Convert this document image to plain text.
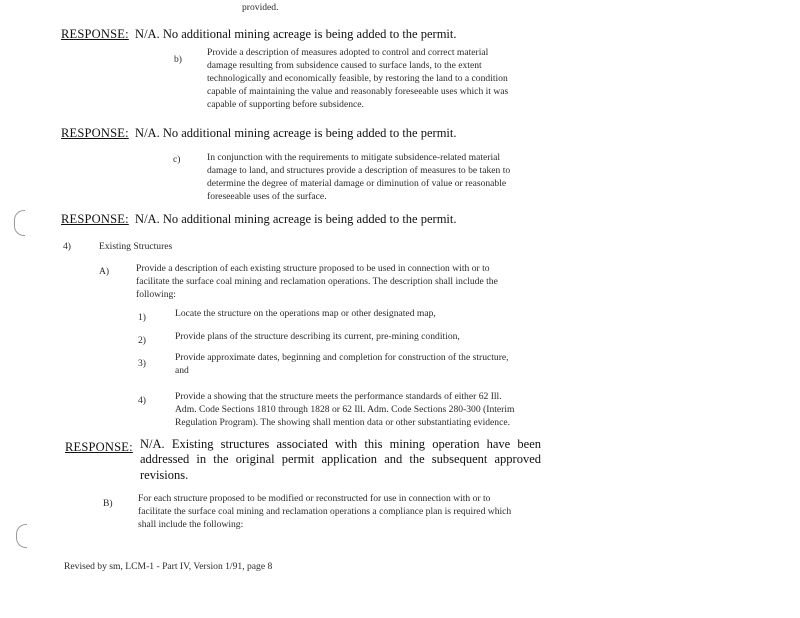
provided.
RESPONSE: N/A. No additional mining acreage is being added to the permit.
b)

Provide a description of measures adopted to control and correct material

damage resulting from subsidence caused to surface lands, to the extent

technologically and economically feasible, by restoring the land to a condition

capable of maintaining the value and reasonably foreseeable uses which it was

capable of supporting before subsidence.

RESPONSE: N/A. No additional mining acreage is being added to the permit.
c)	In conjunction with the requirements to mitigate subsidence-related material

damage to land, and structures provide a description of measures to be taken to

determine the degree of material damage or diminution of value or reasonable

foreseeable uses of the surface.

RESPONSE: N/A. No additional mining acreage is being added to the permit.
4)	Existing Structures
A)	Provide a description of each existing structure proposed to be used in connection with or to

facilitate the surface coal mining and reclamation operations. The description shall include the

following:

1)	Locate the structure on the operations map or other designated map,

2)	Provide plans of the structure describing its current, pre-mining condition,

3)

Provide approximate dates, beginning and completion for construction of the structure,

and

4)	Provide a showing that the structure meets the performance standards of either 62 Ill.

Adm. Code Sections 1810 through 1828 or 62 Ill. Adm. Code Sections 280-300 (Interim

Regulation Program). The showing shall mention data or other substantiating evidence.

RESPONSE: N/A. Existing structures associated with this mining operation have been
addressed in the original permit application and the subsequent approved
revisions.
B)	For each structure proposed to be modified or reconstructed for use in connection with or to

facilitate the surface coal mining and reclamation operations a compliance plan is required which

shall include the following:

Revised by sm, LCM-1 - Part IV, Version 1/91, page 8
